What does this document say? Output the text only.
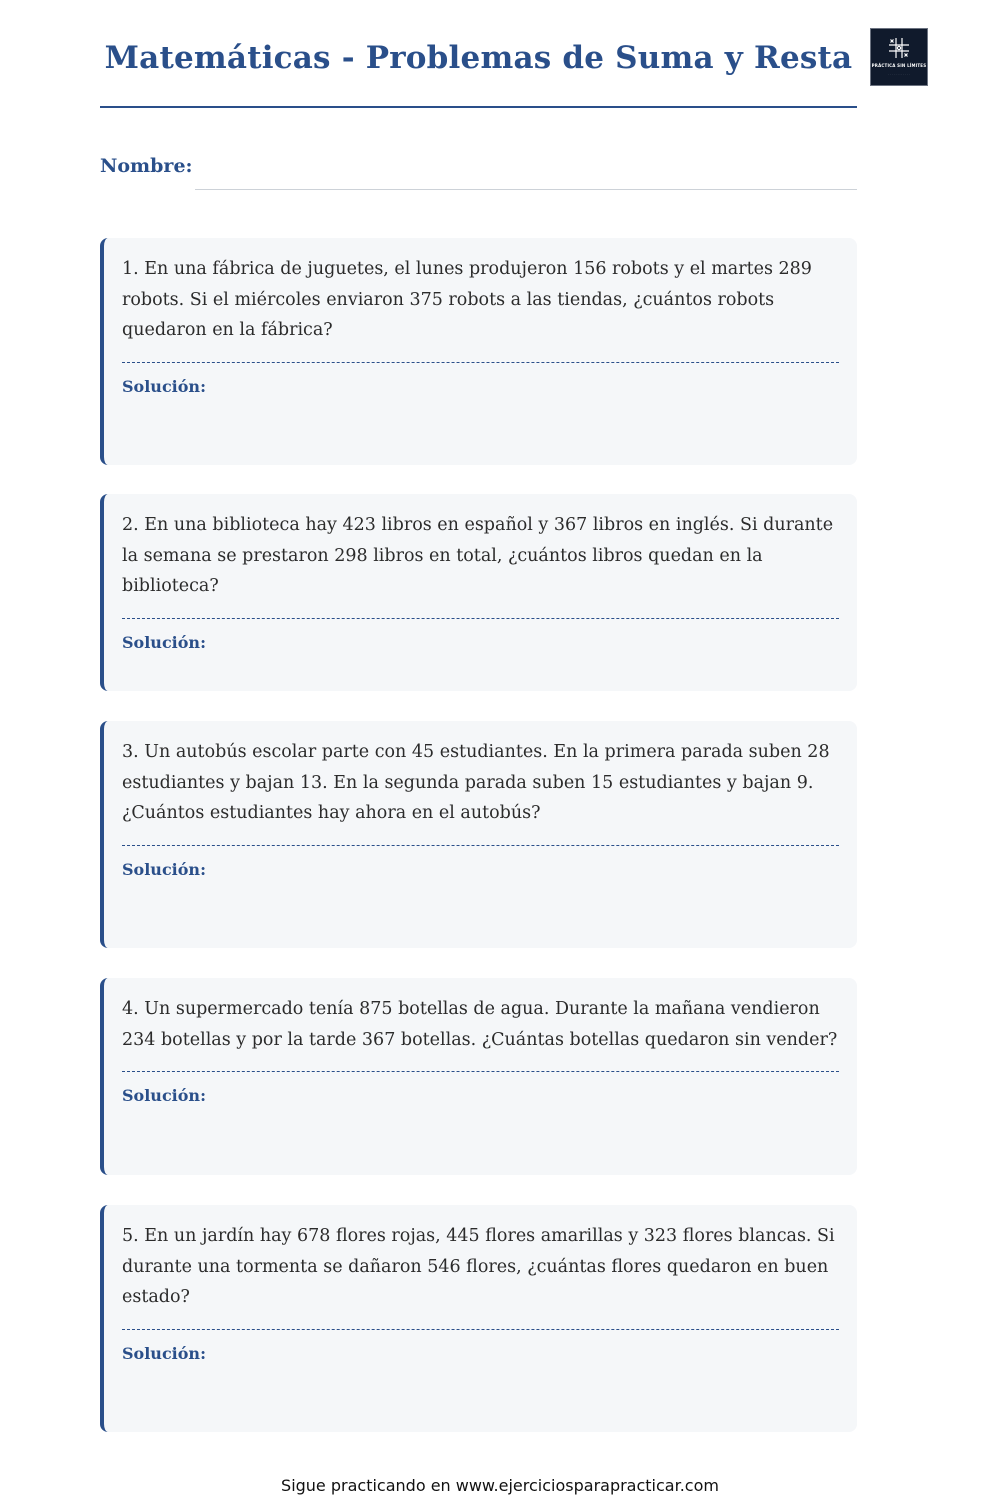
Matemáticas - Problemas de Suma y Resta	PRÁCTICA SIN LÍMITES
· · · · · · · · · · · ·
Nombre:

1. En una fábrica de juguetes, el lunes produjeron 156 robots y el martes 289 robots. Si el miércoles enviaron 375 robots a las tiendas, ¿cuántos robots quedaron en la fábrica?

Solución:

2. En una biblioteca hay 423 libros en español y 367 libros en inglés. Si durante la semana se prestaron 298 libros en total, ¿cuántos libros quedan en la biblioteca?

Solución:

3. Un autobús escolar parte con 45 estudiantes. En la primera parada suben 28 estudiantes y bajan 13. En la segunda parada suben 15 estudiantes y bajan 9. ¿Cuántos estudiantes hay ahora en el autobús?

Solución:

4. Un supermercado tenía 875 botellas de agua. Durante la mañana vendieron 234 botellas y por la tarde 367 botellas. ¿Cuántas botellas quedaron sin vender?

Solución:

5. En un jardín hay 678 flores rojas, 445 flores amarillas y 323 flores blancas. Si durante una tormenta se dañaron 546 flores, ¿cuántas flores quedaron en buen estado?

Solución:
Sigue practicando en www.ejerciciosparapracticar.com
